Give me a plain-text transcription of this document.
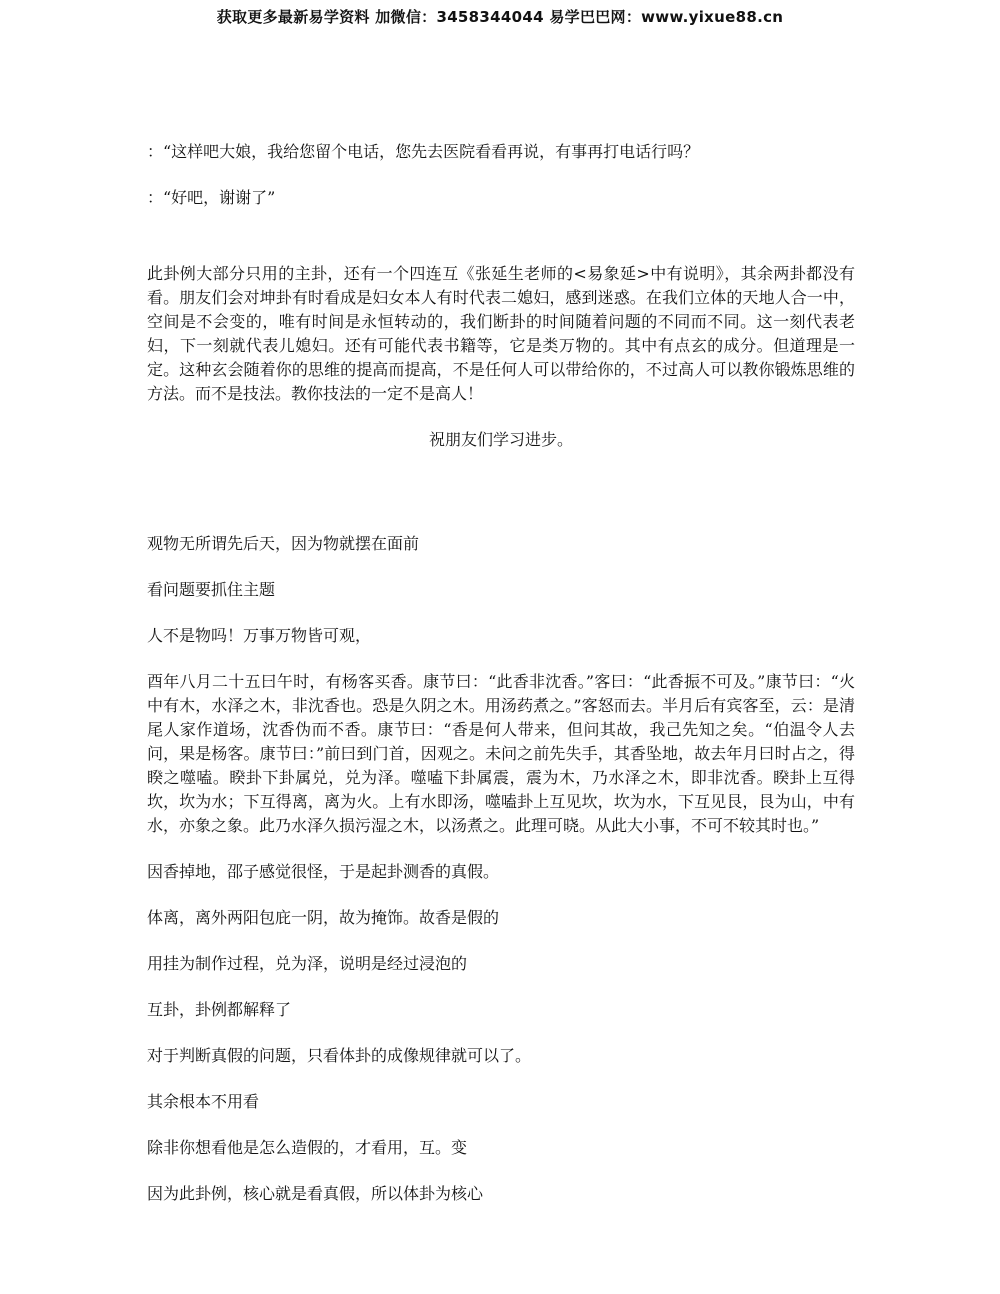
获取更多最新易学资料 加微信：3458344044 易学巴巴网：www.yixue88.cn

：“这样吧大娘，我给您留个电话，您先去医院看看再说，有事再打电话行吗？

：“好吧，谢谢了”

此卦例大部分只用的主卦，还有一个四连互《张延生老师的<易象延>中有说明》，其余两卦都没有看。朋友们会对坤卦有时看成是妇女本人有时代表二媳妇，感到迷惑。在我们立体的天地人合一中，空间是不会变的，唯有时间是永恒转动的，我们断卦的时间随着问题的不同而不同。这一刻代表老妇，下一刻就代表儿媳妇。还有可能代表书籍等，它是类万物的。其中有点玄的成分。但道理是一定。这种玄会随着你的思维的提高而提高，不是任何人可以带给你的，不过高人可以教你锻炼思维的方法。而不是技法。教你技法的一定不是高人！

祝朋友们学习进步。

观物无所谓先后天，因为物就摆在面前

看问题要抓住主题

人不是物吗！万事万物皆可观，

酉年八月二十五曰午时，有杨客买香。康节曰：“此香非沈香。”客曰：“此香振不可及。”康节曰：“火中有木，水泽之木，非沈香也。恐是久阴之木。用汤药煮之。”客怒而去。半月后有宾客至，云：是清尾人家作道场，沈香伪而不香。康节曰：“香是何人带来，但问其故，我己先知之矣。“伯温令人去问，果是杨客。康节曰：”前曰到门首，因观之。未问之前先失手，其香坠地，故去年月曰时占之，得睽之噬嗑。睽卦下卦属兑，兑为泽。噬嗑下卦属震，震为木，乃水泽之木，即非沈香。睽卦上互得坎，坎为水；下互得离，离为火。上有水即汤，噬嗑卦上互见坎，坎为水，下互见艮，艮为山，中有水，亦象之象。此乃水泽久损污湿之木，以汤煮之。此理可晓。从此大小事，不可不较其时也。”

因香掉地，邵子感觉很怪，于是起卦测香的真假。

体离，离外两阳包庇一阴，故为掩饰。故香是假的

用挂为制作过程，兑为泽，说明是经过浸泡的

互卦，卦例都解释了

对于判断真假的问题，只看体卦的成像规律就可以了。

其余根本不用看

除非你想看他是怎么造假的，才看用，互。变

因为此卦例，核心就是看真假，所以体卦为核心
